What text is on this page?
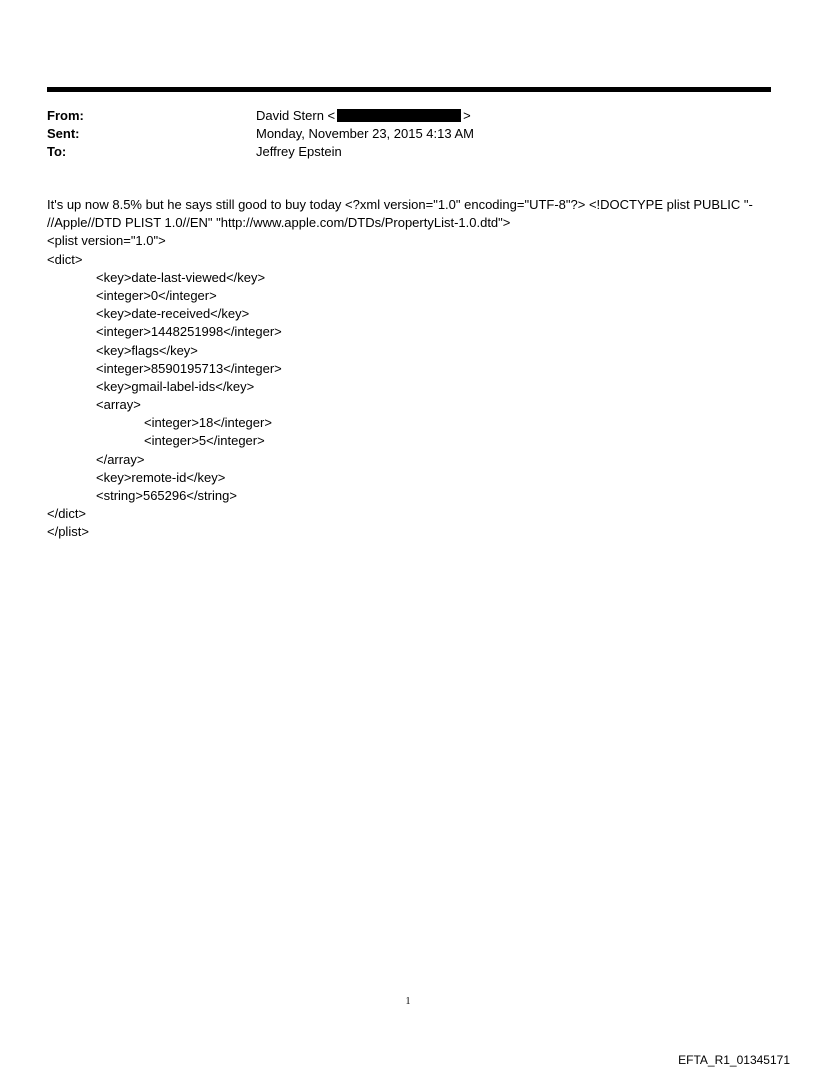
From:	David Stern <	>
Sent:	Monday, November 23, 2015 4:13 AM
To:	Jeffrey Epstein
It's up now 8.5% but he says still good to buy today <?xml version="1.0" encoding="UTF-8"?> <!DOCTYPE plist PUBLIC "-
//Apple//DTD PLIST 1.0//EN" "http://www.apple.com/DTDs/PropertyList-1.0.dtd">
<plist version="1.0">
<dict>
<key>date-last-viewed</key>
<integer>0</integer>
<key>date-received</key>
<integer>1448251998</integer>
<key>flags</key>
<integer>8590195713</integer>
<key>gmail-label-ids</key>
<array>
<integer>18</integer>
<integer>5</integer>
</array>
<key>remote-id</key>
<string>565296</string>
</dict>
</plist>
1
EFTA_R1_01345171
